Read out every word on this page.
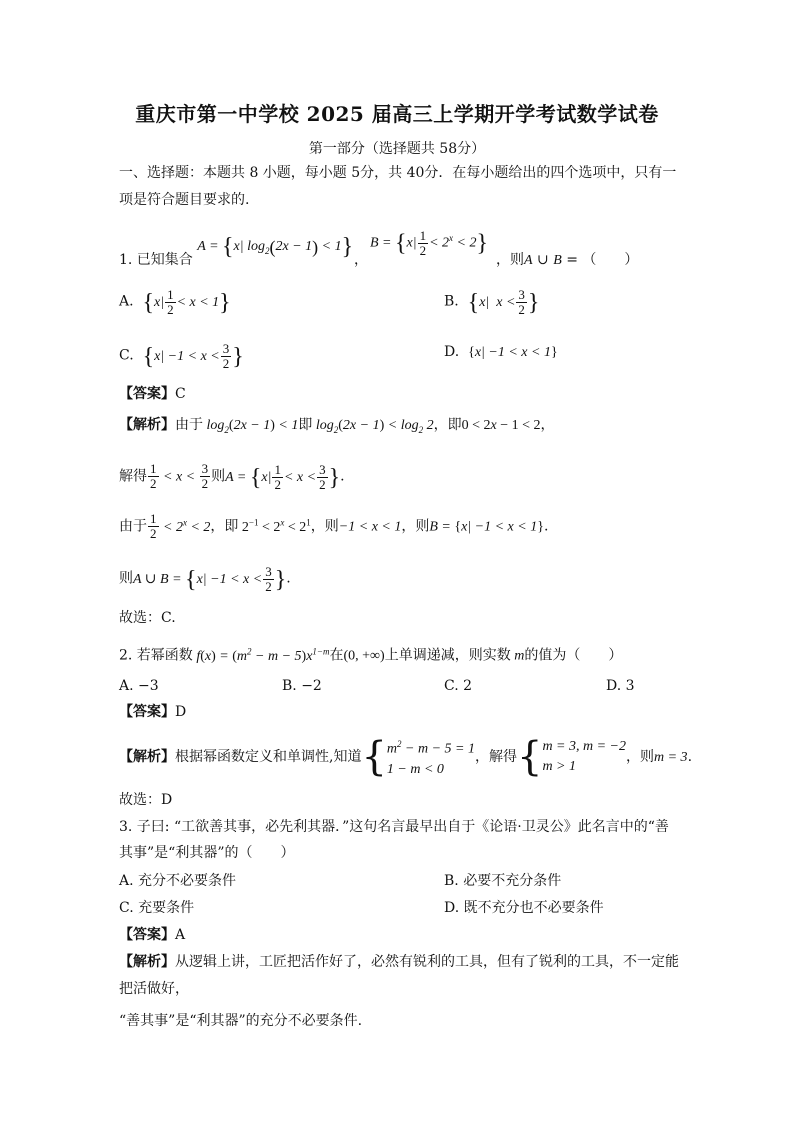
重庆市第一中学校 2025 届高三上学期开学考试数学试卷
第一部分（选择题共 58分）
一、选择题：本题共 8 小题，每小题 5分，共 40分．在每小题给出的四个选项中，只有一
项是符合题目要求的.
1. 已知集合 A = {x| $\log_2(2x - 1) < 1$}
，
$B = \{x| \frac{1}{2} < 2^x < 2\}$
，则A ∪ B = （　　）
A. $\{x| \frac{1}{2} < x < 1\}$	B. {x|  $x < \frac{3}{2}$ }
C. {$x| -1 < x < \frac{3}{2}$ }	D. {x| −1 < x < 1}
【答案】C
【解析】由于 $\log_2(2x - 1) < 1$即 $\log_2(2x - 1) < \log_2 2$，即0 < 2x − 1 < 2，
解得 $\frac{1}{2} < x < \frac{3}{2}$ 则$A = \{x| \frac{1}{2} < x < \frac{3}{2}$ }.
由于 $\frac{1}{2} < 2^x < 2$，即 $2^{-1} < 2^x < 2^1$，则−1 < x < 1，则B = {x| −1 < x < 1}.
则A ∪ $B = \{x| -1 < x < \frac{3}{2}$ }.
故选：C.
2. 若幂函数 $f(x) = (m^2 - m - 5)x^{1-m}$在(0, +∞)上单调递减，则实数 m的值为（　　）
A. −3	B. −2	C. 2	D. 3
【答案】D
【解析】根据幂函数定义和单调性,知道 { $m^2 - m - 5 = 1$
1 − m < 0
，解得 { m = 3, m = −2
m > 1
，则m = 3.
故选：D
3. 子曰: “工欲善其事，必先利其器．”这句名言最早出自于《论语·卫灵公》此名言中的“善
其事”是“利其器”的（　　）
A. 充分不必要条件	B. 必要不充分条件
C. 充要条件	D. 既不充分也不必要条件
【答案】A
【解析】从逻辑上讲，工匠把活作好了，必然有锐利的工具，但有了锐利的工具，不一定能
把活做好，
“善其事”是“利其器”的充分不必要条件.
